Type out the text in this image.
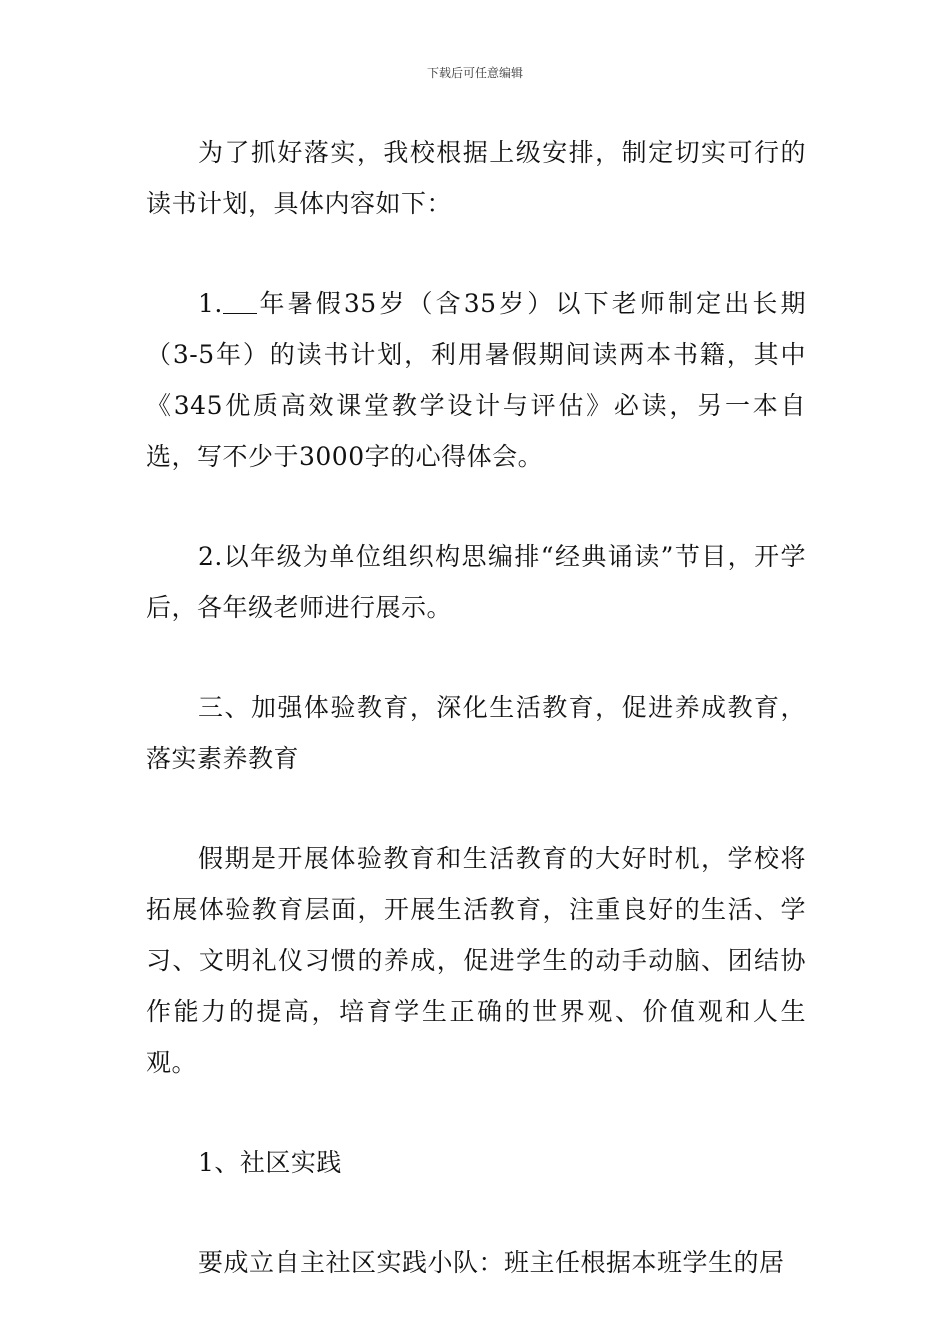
下载后可任意编辑

为了抓好落实，我校根据上级安排，制定切实可行的读书计划，具体内容如下：

1. 年暑假35岁（含35岁）以下老师制定出长期（3-5年）的读书计划，利用暑假期间读两本书籍，其中《345优质高效课堂教学设计与评估》必读，另一本自选，写不少于3000字的心得体会。

2.以年级为单位组织构思编排“经典诵读”节目，开学后，各年级老师进行展示。

三、加强体验教育，深化生活教育，促进养成教育，落实素养教育

假期是开展体验教育和生活教育的大好时机，学校将拓展体验教育层面，开展生活教育，注重良好的生活、学习、文明礼仪习惯的养成，促进学生的动手动脑、团结协作能力的提高，培育学生正确的世界观、价值观和人生观。

1、社区实践

要成立自主社区实践小队：班主任根据本班学生的居
